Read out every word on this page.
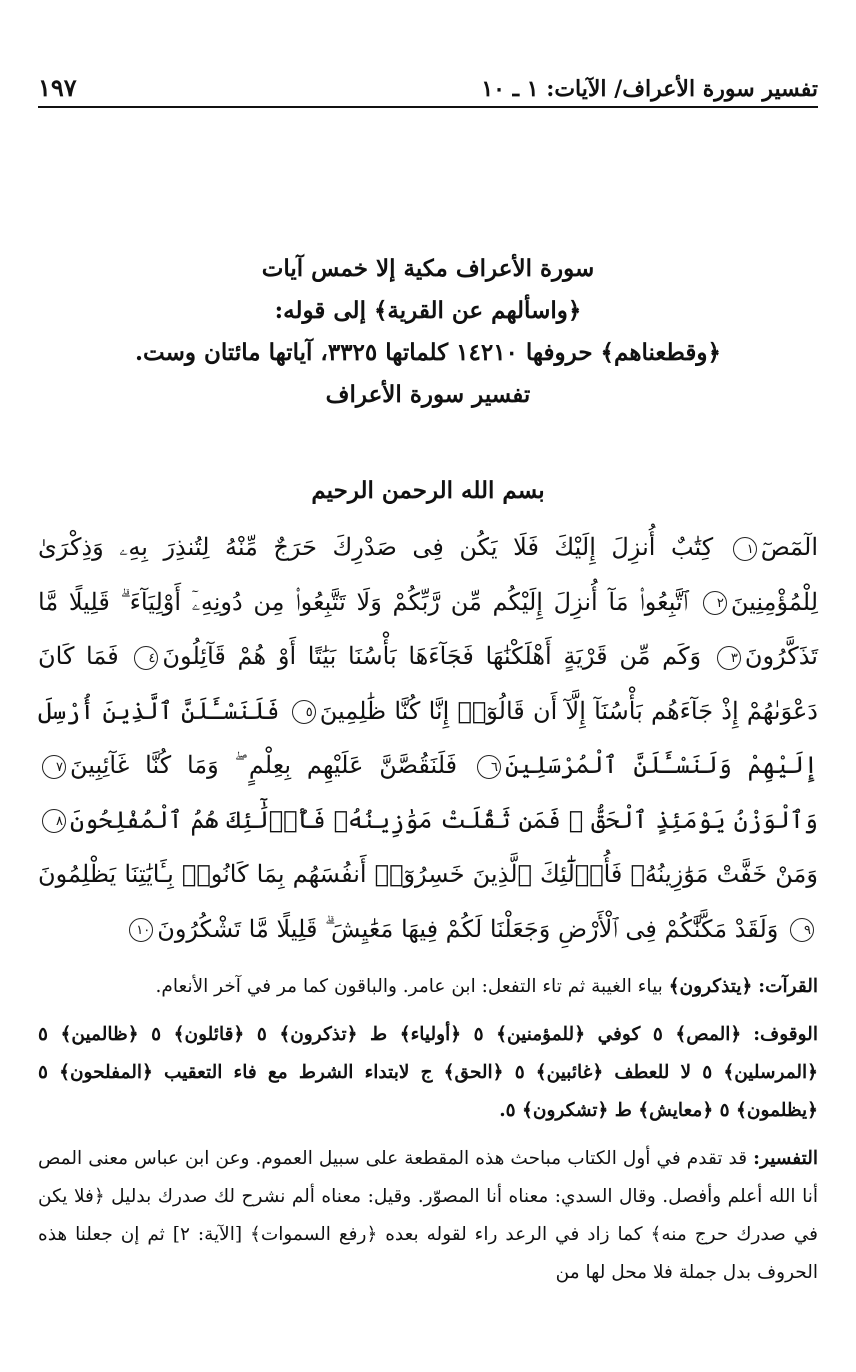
تفسير سورة الأعراف/ الآيات: ١ ـ ١٠
١٩٧
سورة الأعراف مكية إلا خمس آيات
﴿واسألهم عن القرية﴾ إلى قوله:
﴿وقطعناهم﴾ حروفها ١٤٢١٠ كلماتها ٣٣٢٥، آياتها مائتان وست.
تفسير سورة الأعراف
بسم الله الرحمن الرحيم
الٓمٓصٓ١ كِتَٰبٌ أُنزِلَ إِلَيْكَ فَلَا يَكُن فِى صَدْرِكَ حَرَجٌ مِّنْهُ لِتُنذِرَ بِهِۦ وَذِكْرَىٰ لِلْمُؤْمِنِينَ٢ ٱتَّبِعُوا۟ مَآ أُنزِلَ إِلَيْكُم مِّن رَّبِّكُمْ وَلَا تَتَّبِعُوا۟ مِن دُونِهِۦٓ أَوْلِيَآءَ ۗ قَلِيلًا مَّا تَذَكَّرُونَ٣ وَكَم مِّن قَرْيَةٍ أَهْلَكْنَٰهَا فَجَآءَهَا بَأْسُنَا بَيَٰتًا أَوْ هُمْ قَآئِلُونَ٤ فَمَا كَانَ دَعْوَىٰهُمْ إِذْ جَآءَهُم بَأْسُنَآ إِلَّآ أَن قَالُوٓا۟ إِنَّا كُنَّا ظَٰلِمِينَ٥ فَلَنَسْـَٔلَنَّ ٱلَّذِينَ أُرْسِلَ إِلَيْهِمْ وَلَنَسْـَٔلَنَّ ٱلْمُرْسَلِينَ٦ فَلَنَقُصَّنَّ عَلَيْهِم بِعِلْمٍ ۖ وَمَا كُنَّا غَآئِبِينَ٧ وَٱلْوَزْنُ يَوْمَئِذٍ ٱلْحَقُّ ۚ فَمَن ثَقُلَتْ مَوَٰزِينُهُۥ فَأُو۟لَٰٓئِكَ هُمُ ٱلْمُفْلِحُونَ٨ وَمَنْ خَفَّتْ مَوَٰزِينُهُۥ فَأُو۟لَٰٓئِكَ ٱلَّذِينَ خَسِرُوٓا۟ أَنفُسَهُم بِمَا كَانُوا۟ بِـَٔايَٰتِنَا يَظْلِمُونَ٩ وَلَقَدْ مَكَّنَّٰكُمْ فِى ٱلْأَرْضِ وَجَعَلْنَا لَكُمْ فِيهَا مَعَٰيِشَ ۗ قَلِيلًا مَّا تَشْكُرُونَ١٠
القرآت: ﴿يتذكرون﴾ بياء الغيبة ثم تاء التفعل: ابن عامر. والباقون كما مر في آخر الأنعام.
الوقوف: ﴿المص﴾ ٥ كوفي ﴿للمؤمنين﴾ ٥ ﴿أولياء﴾ ط ﴿تذكرون﴾ ٥ ﴿قائلون﴾ ٥ ﴿ظالمين﴾ ٥ ﴿المرسلين﴾ ٥ لا للعطف ﴿غائبين﴾ ٥ ﴿الحق﴾ ج لابتداء الشرط مع فاء التعقيب ﴿المفلحون﴾ ٥ ﴿يظلمون﴾ ٥ ﴿معايش﴾ ط ﴿تشكرون﴾ ٥.
التفسير: قد تقدم في أول الكتاب مباحث هذه المقطعة على سبيل العموم. وعن ابن عباس معنى المص أنا الله أعلم وأفصل. وقال السدي: معناه أنا المصوّر. وقيل: معناه ألم نشرح لك صدرك بدليل ﴿فلا يكن في صدرك حرج منه﴾ كما زاد في الرعد راء لقوله بعده ﴿رفع السموات﴾ [الآية: ٢] ثم إن جعلنا هذه الحروف بدل جملة فلا محل لها من
